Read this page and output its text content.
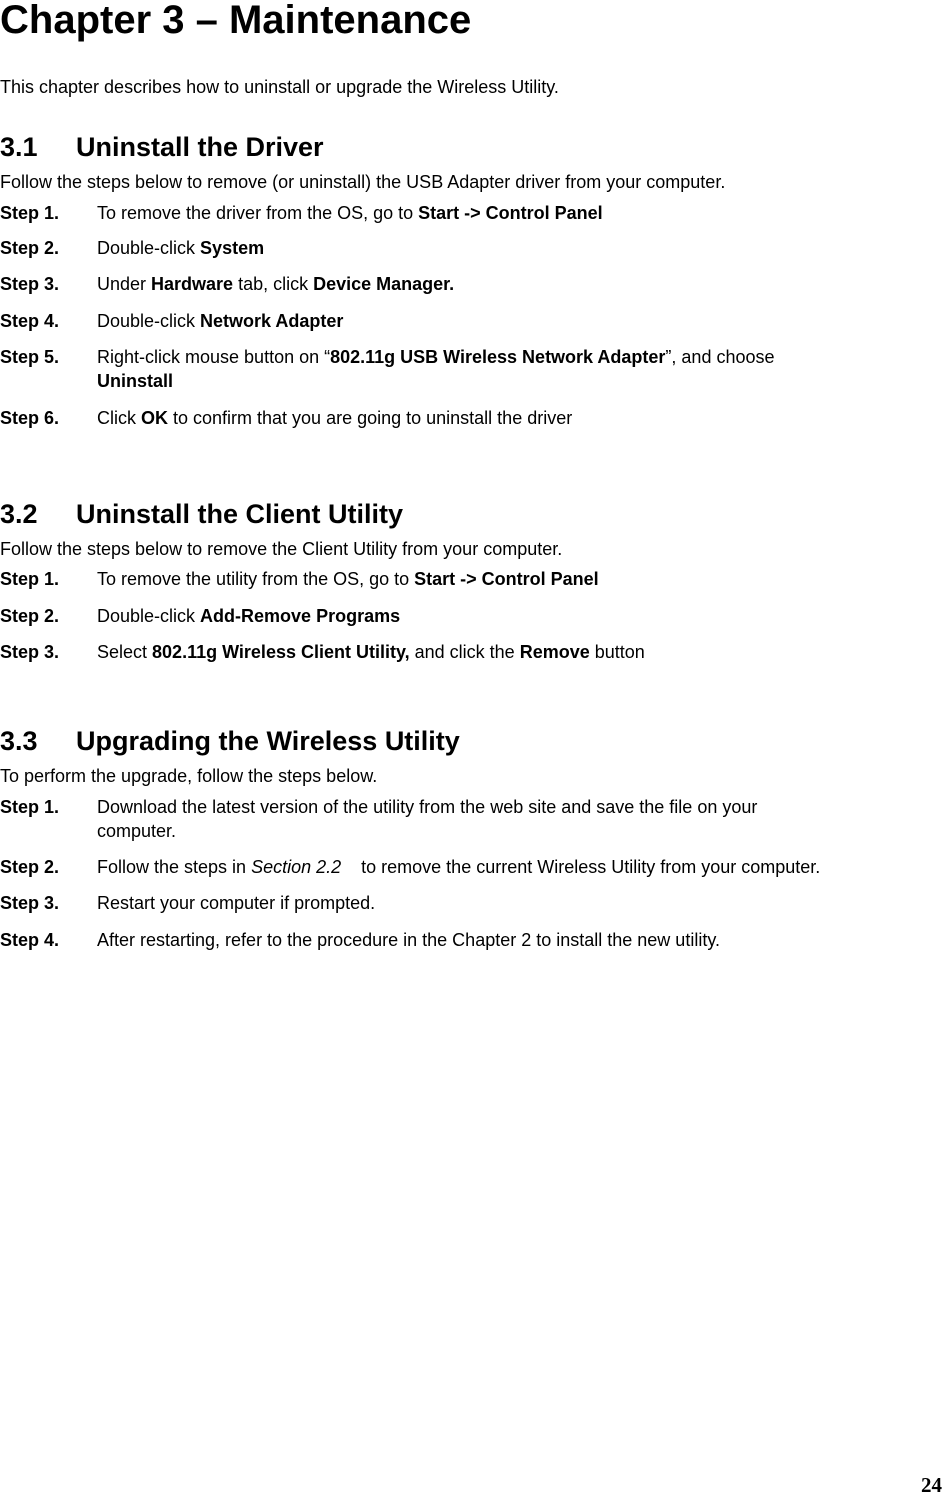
Chapter 3 – Maintenance

This chapter describes how to uninstall or upgrade the Wireless Utility.

3.1 Uninstall the Driver

Follow the steps below to remove (or uninstall) the USB Adapter driver from your computer.

Step 1. To remove the driver from the OS, go to Start -> Control Panel
Step 2. Double-click System
Step 3. Under Hardware tab, click Device Manager.
Step 4. Double-click Network Adapter
Step 5. Right-click mouse button on “802.11g USB Wireless Network Adapter”, and choose
Uninstall
Step 6. Click OK to confirm that you are going to uninstall the driver
3.2 Uninstall the Client Utility

Follow the steps below to remove the Client Utility from your computer.

Step 1. To remove the utility from the OS, go to Start -> Control Panel
Step 2. Double-click Add-Remove Programs
Step 3. Select 802.11g Wireless Client Utility, and click the Remove button
3.3 Upgrading the Wireless Utility

To perform the upgrade, follow the steps below.

Step 1. Download the latest version of the utility from the web site and save the file on your
computer.
Step 2. Follow the steps in Section 2.2    to remove the current Wireless Utility from your computer.
Step 3. Restart your computer if prompted.
Step 4. After restarting, refer to the procedure in the Chapter 2 to install the new utility.
24
